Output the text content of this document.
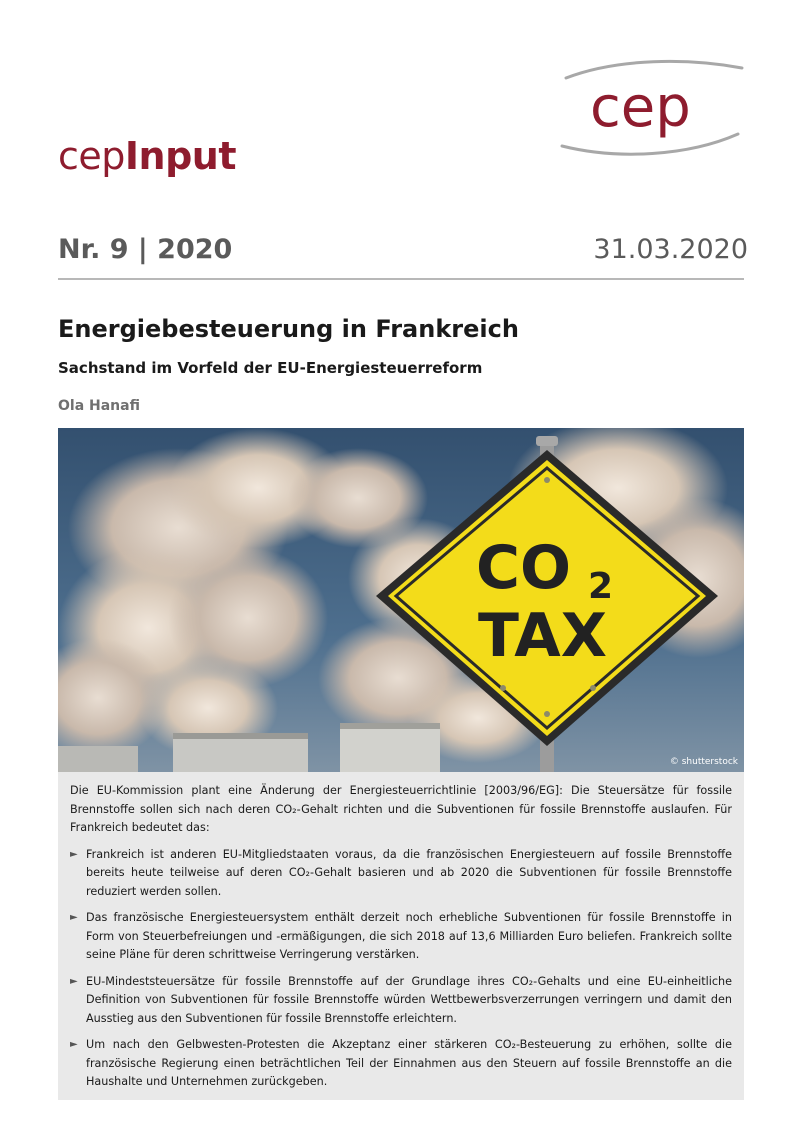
cep
cepInput
Nr. 9 | 2020	31.03.2020
Energiebesteuerung in Frankreich
Sachstand im Vorfeld der EU-Energiesteuerreform
Ola Hanafi
CO 2
TAX
© shutterstock

Die EU-Kommission plant eine Änderung der Energiesteuerrichtlinie [2003/96/EG]: Die Steuersätze für fossile Brennstoffe sollen sich nach deren CO₂-Gehalt richten und die Subventionen für fossile Brennstoffe auslaufen. Für Frankreich bedeutet das:

► Frankreich ist anderen EU-Mitgliedstaaten voraus, da die französischen Energiesteuern auf fossile Brennstoffe bereits heute teilweise auf deren CO₂-Gehalt basieren und ab 2020 die Subventionen für fossile Brennstoffe reduziert werden sollen.
► Das französische Energiesteuersystem enthält derzeit noch erhebliche Subventionen für fossile Brennstoffe in Form von Steuerbefreiungen und -ermäßigungen, die sich 2018 auf 13,6 Milliarden Euro beliefen. Frankreich sollte seine Pläne für deren schrittweise Verringerung verstärken.
► EU-Mindeststeuersätze für fossile Brennstoffe auf der Grundlage ihres CO₂-Gehalts und eine EU-einheitliche Definition von Subventionen für fossile Brennstoffe würden Wettbewerbsverzerrungen verringern und damit den Ausstieg aus den Subventionen für fossile Brennstoffe erleichtern.
► Um nach den Gelbwesten-Protesten die Akzeptanz einer stärkeren CO₂-Besteuerung zu erhöhen, sollte die französische Regierung einen beträchtlichen Teil der Einnahmen aus den Steuern auf fossile Brennstoffe an die Haushalte und Unternehmen zurückgeben.
